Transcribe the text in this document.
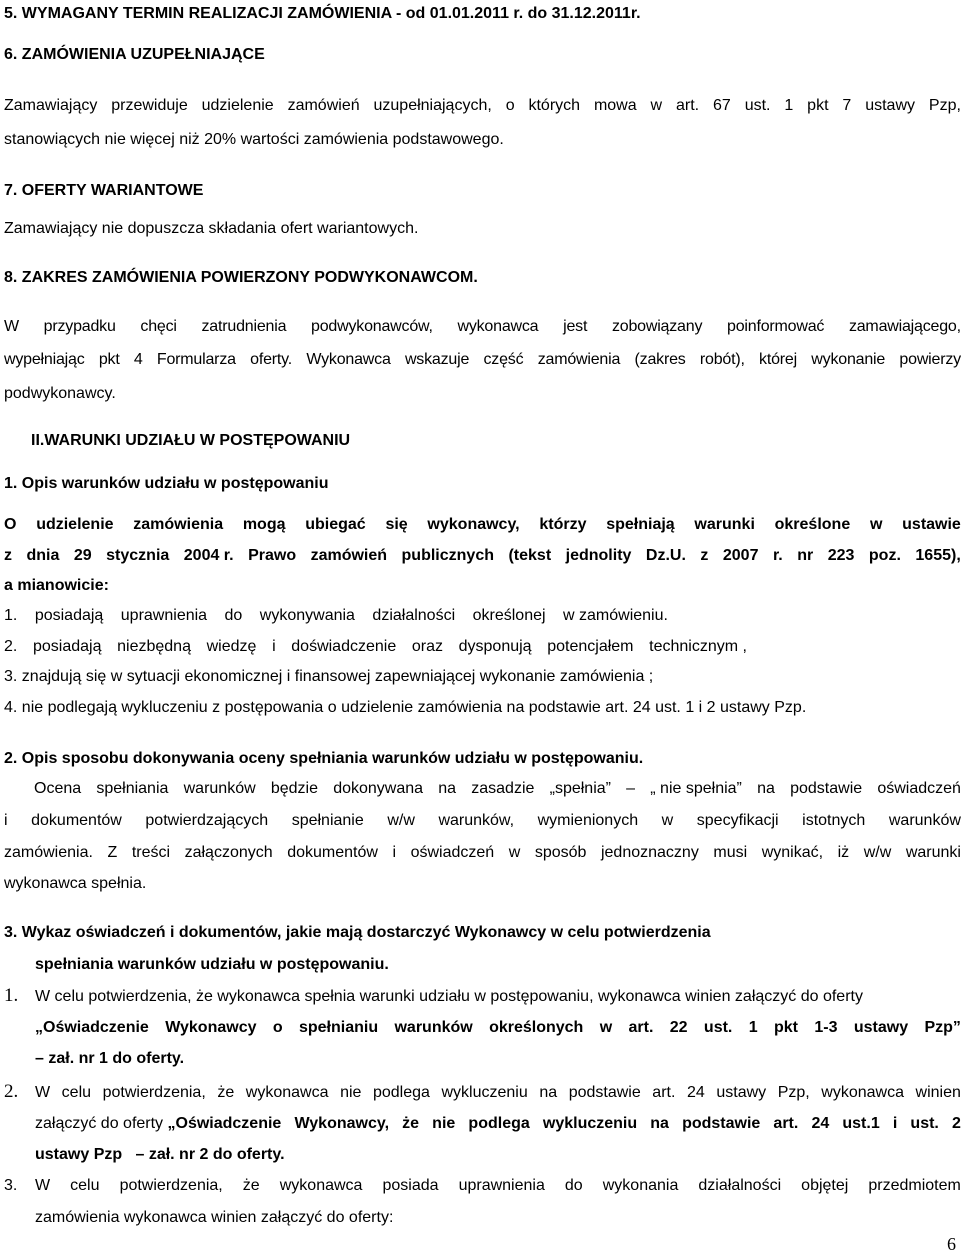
5. WYMAGANY TERMIN REALIZACJI ZAMÓWIENIA - od 01.01.2011 r. do 31.12.2011r.
6. ZAMÓWIENIA UZUPEŁNIAJĄCE
Zamawiający przewiduje udzielenie zamówień uzupełniających, o których mowa w art. 67 ust. 1 pkt 7 ustawy Pzp,
stanowiących nie więcej niż 20% wartości zamówienia podstawowego.
7. OFERTY WARIANTOWE
Zamawiający nie dopuszcza składania ofert wariantowych.
8. ZAKRES ZAMÓWIENIA POWIERZONY PODWYKONAWCOM.
W przypadku chęci zatrudnienia podwykonawców, wykonawca jest zobowiązany poinformować zamawiającego,
wypełniając pkt 4 Formularza oferty. Wykonawca wskazuje część zamówienia (zakres robót), której wykonanie powierzy
podwykonawcy.
II.WARUNKI UDZIAŁU W POSTĘPOWANIU
1. Opis warunków udziału w postępowaniu
O udzielenie zamówienia mogą ubiegać się wykonawcy, którzy spełniają warunki określone w ustawie
z dnia 29 stycznia 2004 r. Prawo zamówień publicznych (tekst jednolity Dz.U. z 2007 r. nr 223 poz. 1655),
a mianowicie:
1. posiadają uprawnienia do wykonywania działalności określonej w zamówieniu.
2. posiadają niezbędną wiedzę i doświadczenie oraz dysponują potencjałem technicznym ,
3. znajdują się w sytuacji ekonomicznej i finansowej zapewniającej wykonanie zamówienia ;
4. nie podlegają wykluczeniu z postępowania o udzielenie zamówienia na podstawie art. 24 ust. 1 i 2 ustawy Pzp.
2. Opis sposobu dokonywania oceny spełniania warunków udziału w postępowaniu.
Ocena spełniania warunków będzie dokonywana na zasadzie „spełnia” – „ nie spełnia” na podstawie oświadczeń
i dokumentów potwierdzających spełnianie w/w warunków, wymienionych w specyfikacji istotnych warunków
zamówienia. Z treści załączonych dokumentów i oświadczeń w sposób jednoznaczny musi wynikać, iż w/w warunki
wykonawca spełnia.
3. Wykaz oświadczeń i dokumentów, jakie mają dostarczyć Wykonawcy w celu potwierdzenia
spełniania warunków udziału w postępowaniu.
1. W celu potwierdzenia, że wykonawca spełnia warunki udziału w postępowaniu, wykonawca winien załączyć do oferty
„Oświadczenie Wykonawcy o spełnianiu warunków określonych w art. 22 ust. 1 pkt 1-3 ustawy Pzp”
– zał. nr 1 do oferty.
2. W celu potwierdzenia, że wykonawca nie podlega wykluczeniu na podstawie art. 24 ustawy Pzp, wykonawca winien
załączyć do oferty „Oświadczenie Wykonawcy, że nie podlega wykluczeniu na podstawie art. 24 ust.1 i ust. 2
ustawy Pzp   – zał. nr 2 do oferty.
3. W celu potwierdzenia, że wykonawca posiada uprawnienia do wykonania działalności objętej przedmiotem
zamówienia wykonawca winien załączyć do oferty:
6
